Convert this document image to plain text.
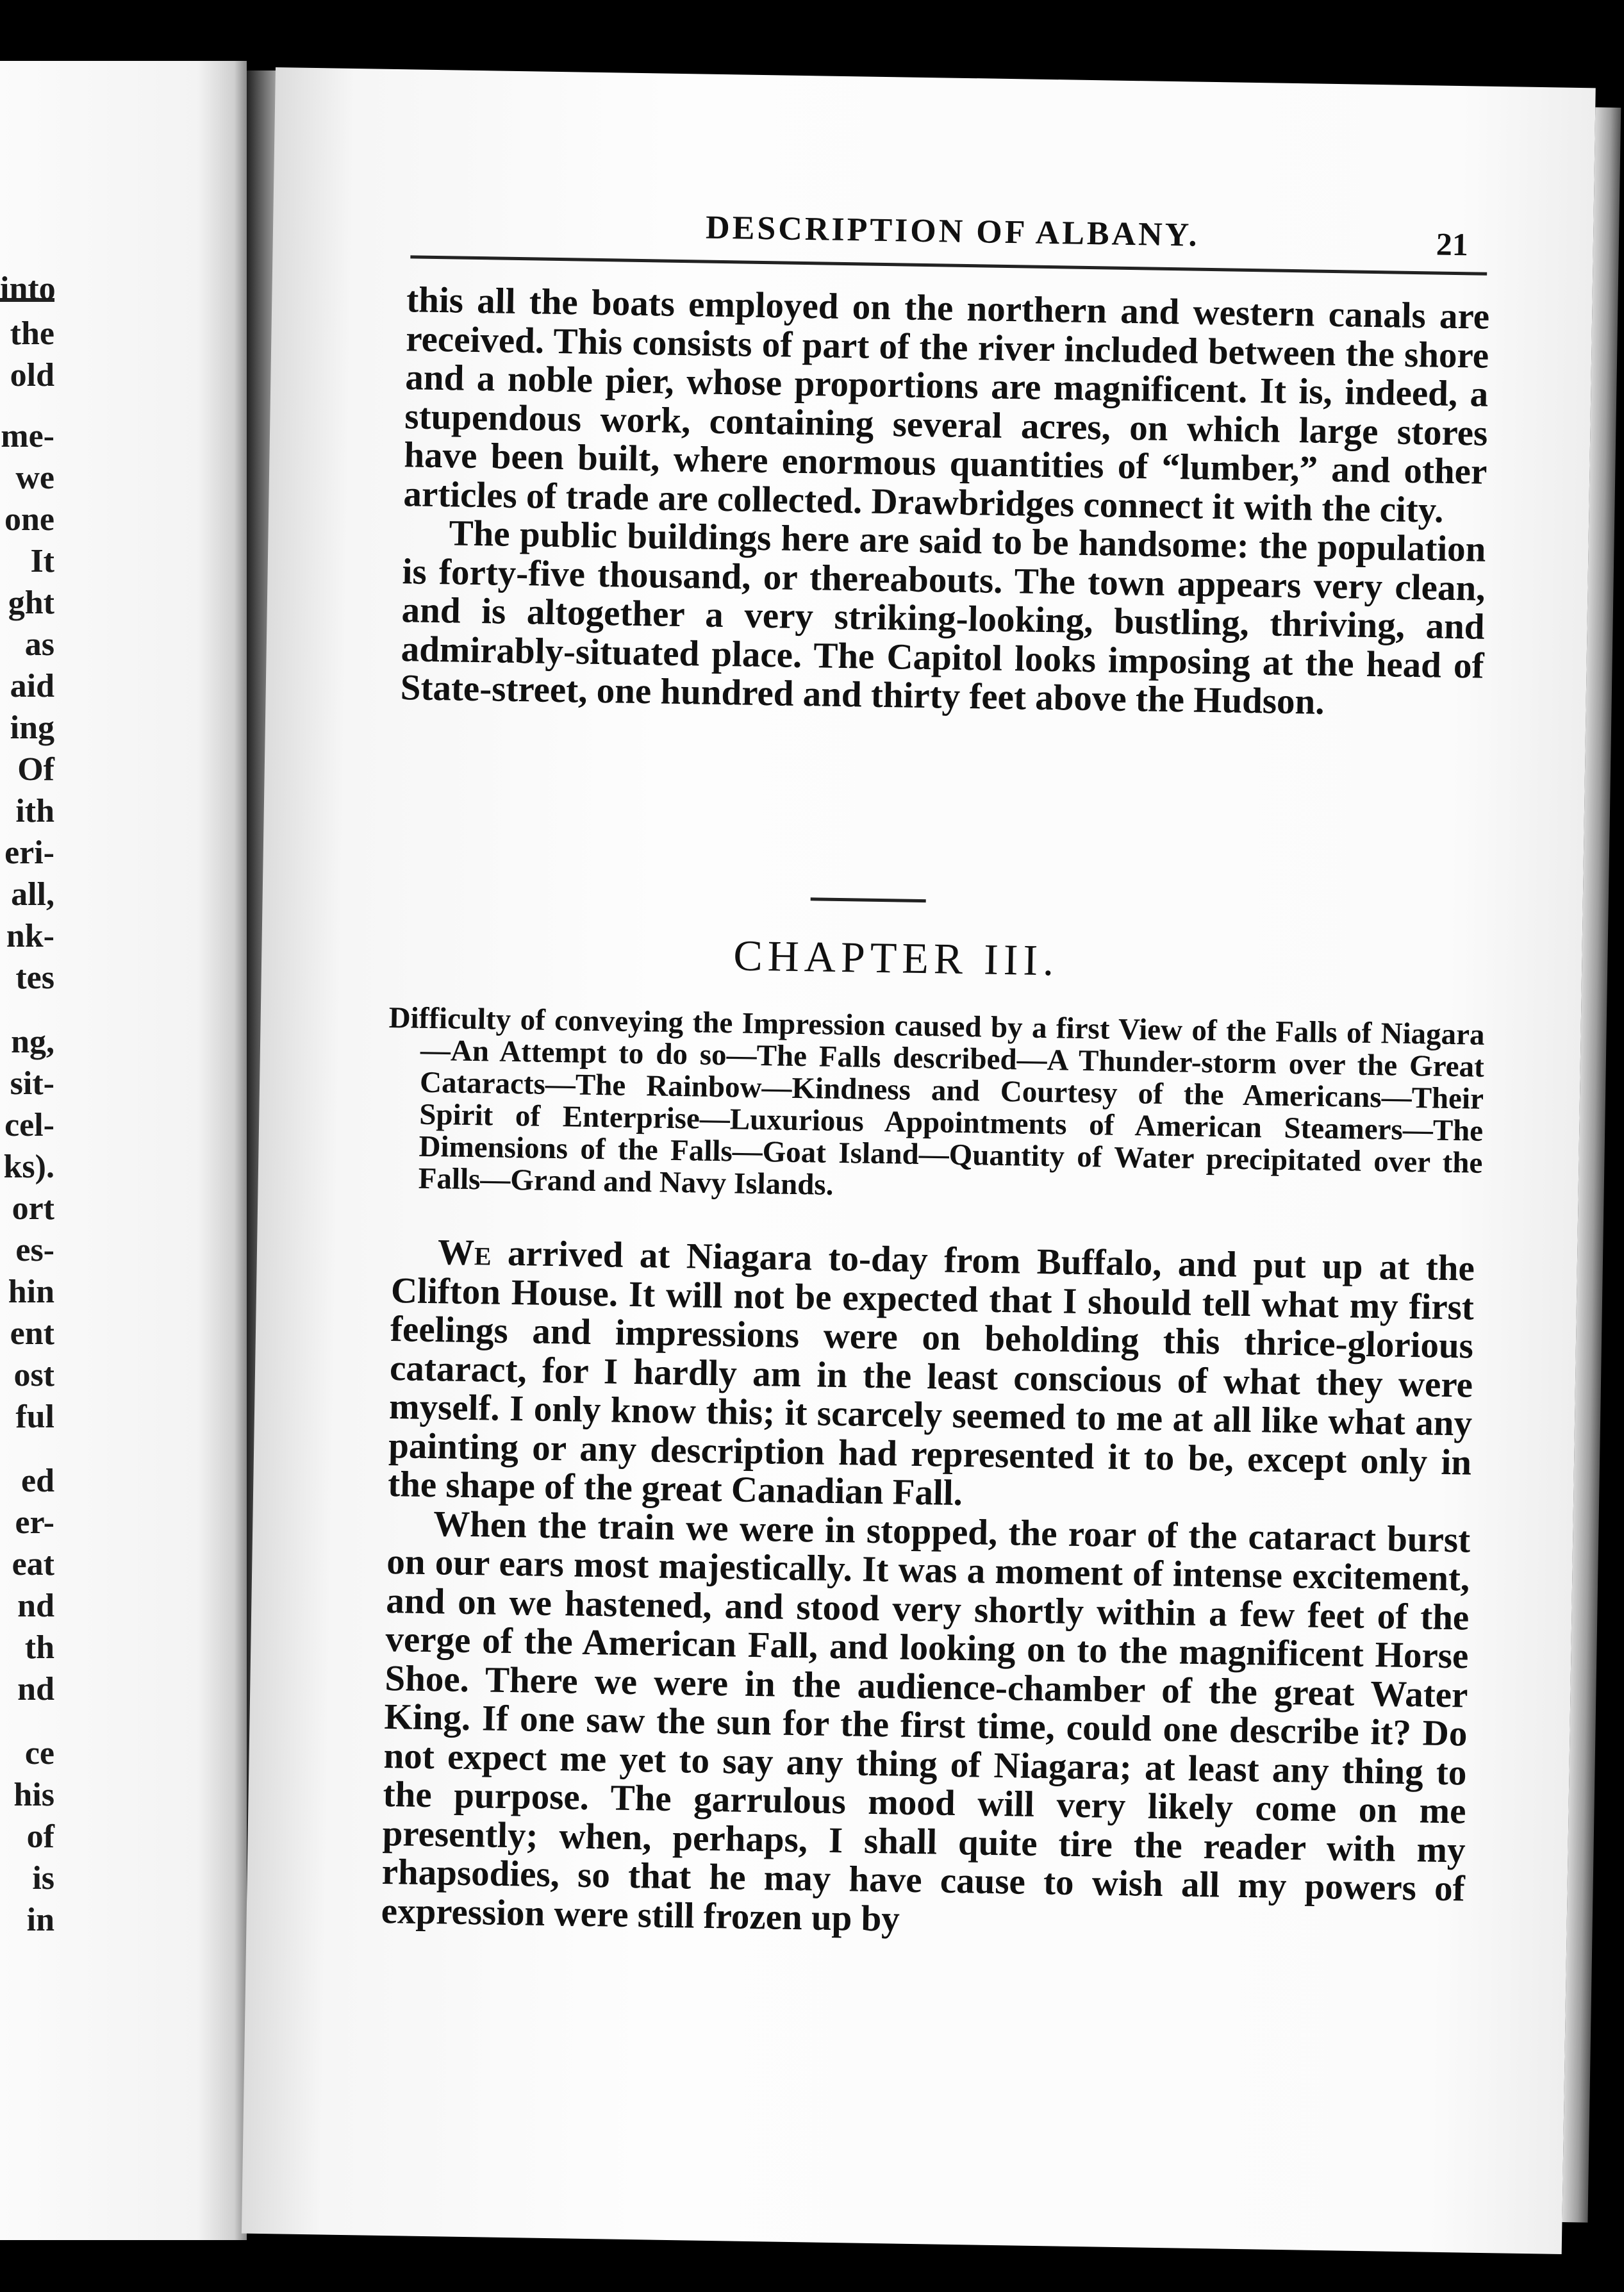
into
the
old
me-
we
one
It
ght
as
aid
ing
Of
ith
eri-
all,
nk-
tes
ng,
sit-
cel-
ks).
ort
es-
hin
ent
ost
ful
ed
er-
eat
nd
th
nd
ce
his
of
is
in
DESCRIPTION OF ALBANY.	21

this all the boats employed on the northern and western canals are received. This consists of part of the river included between the shore and a noble pier, whose proportions are magnificent. It is, indeed, a stupendous work, containing several acres, on which large stores have been built, where enormous quantities of “lumber,” and other articles of trade are collected. Drawbridges connect it with the city.

The public buildings here are said to be handsome: the population is forty-five thousand, or thereabouts. The town appears very clean, and is altogether a very striking-looking, bustling, thriving, and admirably-situated place. The Capitol looks imposing at the head of State-street, one hundred and thirty feet above the Hudson.

CHAPTER III.
Difficulty of conveying the Impression caused by a first View of the Falls of Niagara—An Attempt to do so—The Falls described—A Thunder-storm over the Great Cataracts—The Rainbow—Kindness and Courtesy of the Americans—Their Spirit of Enterprise—Luxurious Appointments of American Steamers—The Dimensions of the Falls—Goat Island—Quantity of Water precipitated over the Falls—Grand and Navy Islands.

We arrived at Niagara to-day from Buffalo, and put up at the Clifton House. It will not be expected that I should tell what my first feelings and impressions were on beholding this thrice-glorious cataract, for I hardly am in the least conscious of what they were myself. I only know this; it scarcely seemed to me at all like what any painting or any description had represented it to be, except only in the shape of the great Canadian Fall.

When the train we were in stopped, the roar of the cataract burst on our ears most majestically. It was a moment of intense excitement, and on we hastened, and stood very shortly within a few feet of the verge of the American Fall, and looking on to the magnificent Horse Shoe. There we were in the audience-chamber of the great Water King. If one saw the sun for the first time, could one describe it? Do not expect me yet to say any thing of Niagara; at least any thing to the purpose. The garrulous mood will very likely come on me presently; when, perhaps, I shall quite tire the reader with my rhapsodies, so that he may have cause to wish all my powers of expression were still frozen up by
